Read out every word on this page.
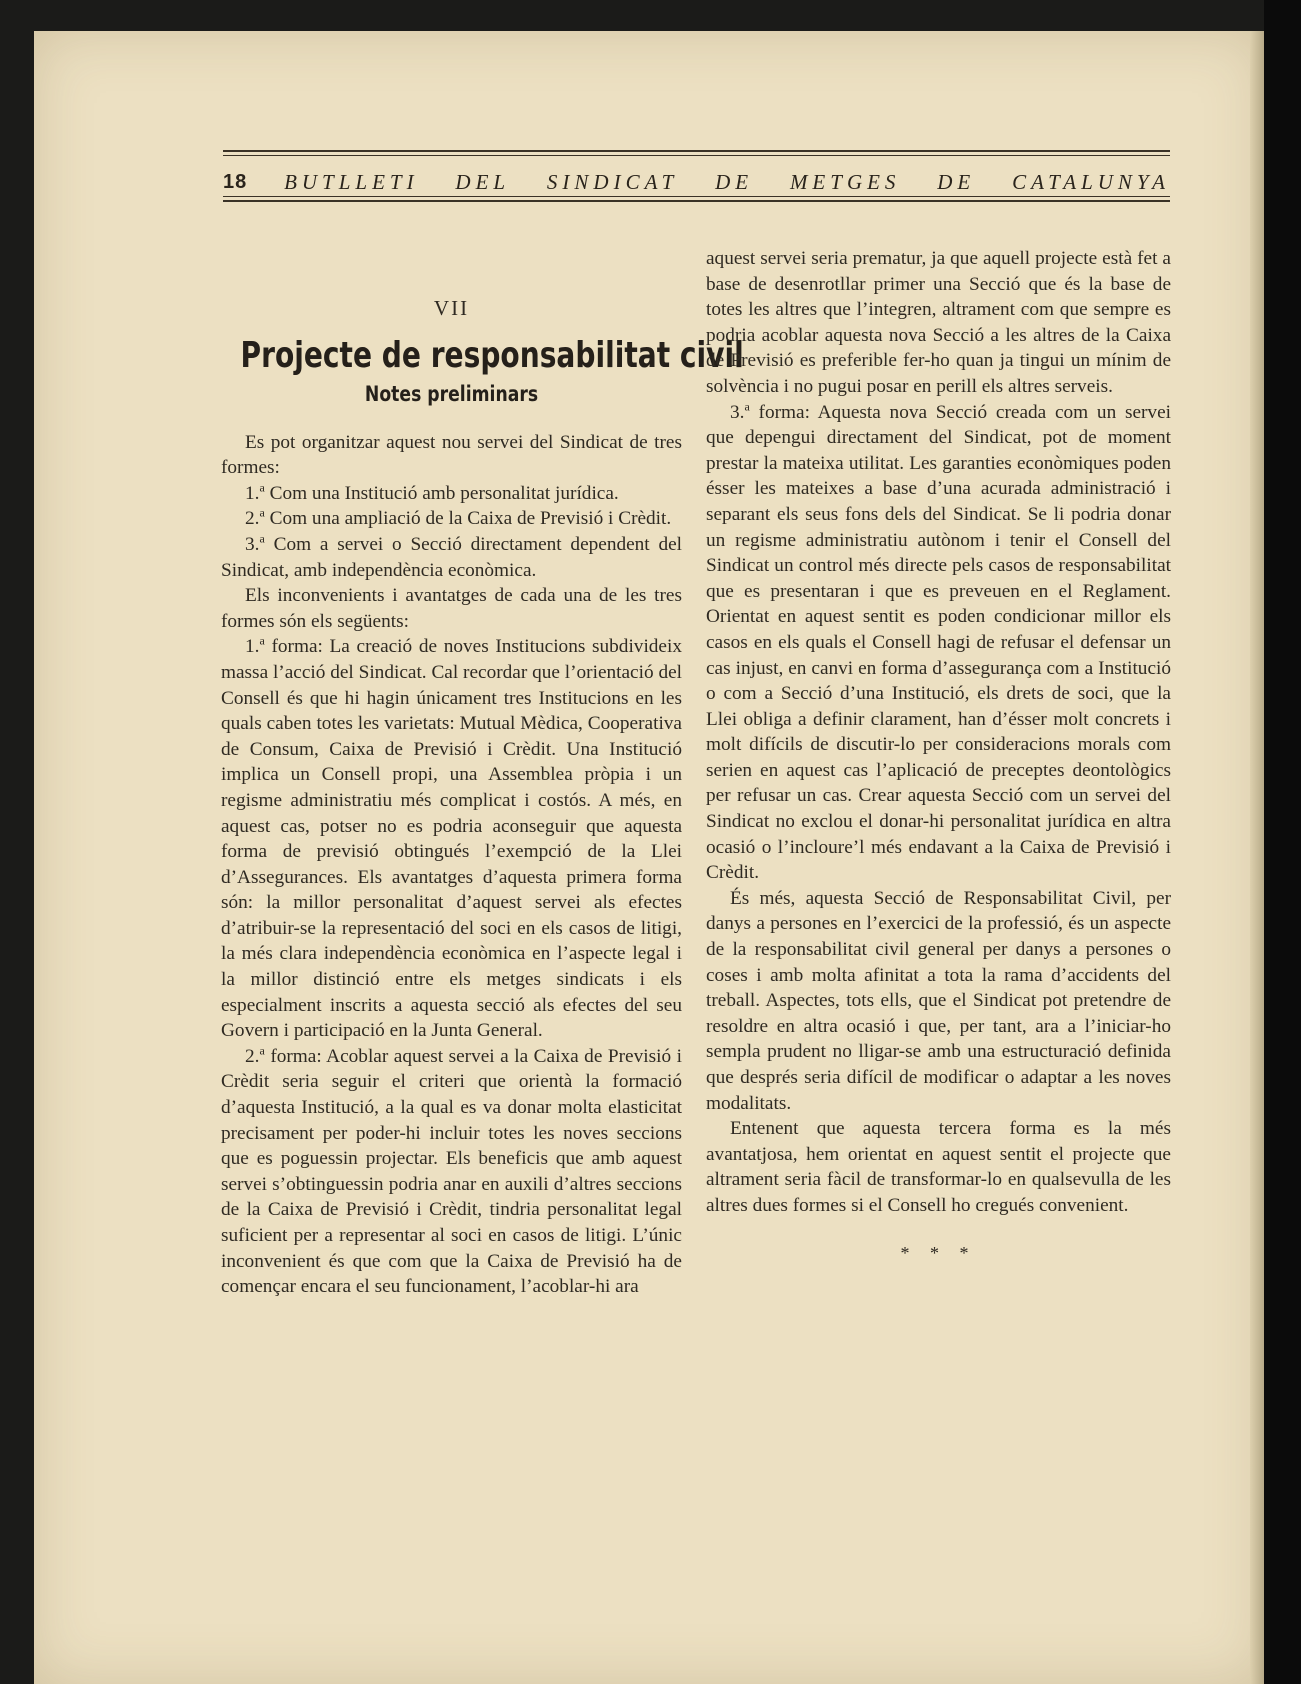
18 BUTLLETI DEL SINDICAT DE METGES DE CATALUNYA
VII
Projecte de responsabilitat civil
Notes preliminars

Es pot organitzar aquest nou servei del Sindicat de tres formes:

1.$^a$ Com una Institució amb personalitat jurídica.

2.$^a$ Com una ampliació de la Caixa de Previsió i Crèdit.

3.$^a$ Com a servei o Secció directament dependent del Sindicat, amb independència econòmica.

Els inconvenients i avantatges de cada una de les tres formes són els següents:

1.$^a$ forma: La creació de noves Institucions subdivideix massa l’acció del Sindicat. Cal recordar que l’orientació del Consell és que hi hagin únicament tres Institucions en les quals caben totes les varietats: Mutual Mèdica, Cooperativa de Consum, Caixa de Previsió i Crèdit. Una Institució implica un Consell propi, una Assemblea pròpia i un regisme administratiu més complicat i costós. A més, en aquest cas, potser no es podria aconseguir que aquesta forma de previsió obtingués l’exempció de la Llei d’Assegurances. Els avantatges d’aquesta primera forma són: la millor personalitat d’aquest servei als efectes d’atribuir-se la representació del soci en els casos de litigi, la més clara independència econòmica en l’aspecte legal i la millor distinció entre els metges sindicats i els especialment inscrits a aquesta secció als efectes del seu Govern i participació en la Junta General.

2.$^a$ forma: Acoblar aquest servei a la Caixa de Previsió i Crèdit seria seguir el criteri que orientà la formació d’aquesta Institució, a la qual es va donar molta elasticitat precisament per poder-hi incluir totes les noves seccions que es poguessin projectar. Els beneficis que amb aquest servei s’obtinguessin podria anar en auxili d’altres seccions de la Caixa de Previsió i Crèdit, tindria personalitat legal suficient per a representar al soci en casos de litigi. L’únic inconvenient és que com que la Caixa de Previsió ha de començar encara el seu funcionament, l’acoblar-hi ara

aquest servei seria prematur, ja que aquell projecte està fet a base de desenrotllar primer una Secció que és la base de totes les altres que l’integren, altrament com que sempre es podria acoblar aquesta nova Secció a les altres de la Caixa de Previsió es preferible fer-ho quan ja tingui un mínim de solvència i no pugui posar en perill els altres serveis.

3.$^a$ forma: Aquesta nova Secció creada com un servei que depengui directament del Sindicat, pot de moment prestar la mateixa utilitat. Les garanties econòmiques poden ésser les mateixes a base d’una acurada administració i separant els seus fons dels del Sindicat. Se li podria donar un regisme administratiu autònom i tenir el Consell del Sindicat un control més directe pels casos de responsabilitat que es presentaran i que es preveuen en el Reglament. Orientat en aquest sentit es poden condicionar millor els casos en els quals el Consell hagi de refusar el defensar un cas injust, en canvi en forma d’assegurança com a Institució o com a Secció d’una Institució, els drets de soci, que la Llei obliga a definir clarament, han d’ésser molt concrets i molt difícils de discutir-lo per consideracions morals com serien en aquest cas l’aplicació de preceptes deontològics per refusar un cas. Crear aquesta Secció com un servei del Sindicat no exclou el donar-hi personalitat jurídica en altra ocasió o l’incloure’l més endavant a la Caixa de Previsió i Crèdit.

És més, aquesta Secció de Responsabilitat Civil, per danys a persones en l’exercici de la professió, és un aspecte de la responsabilitat civil general per danys a persones o coses i amb molta afinitat a tota la rama d’accidents del treball. Aspectes, tots ells, que el Sindicat pot pretendre de resoldre en altra ocasió i que, per tant, ara a l’iniciar-ho sempla prudent no lligar-se amb una estructuració definida que després seria difícil de modificar o adaptar a les noves modalitats.

Entenent que aquesta tercera forma es la més avantatjosa, hem orientat en aquest sentit el projecte que altrament seria fàcil de transformar-lo en qualsevulla de les altres dues formes si el Consell ho cregués convenient.

* * *
